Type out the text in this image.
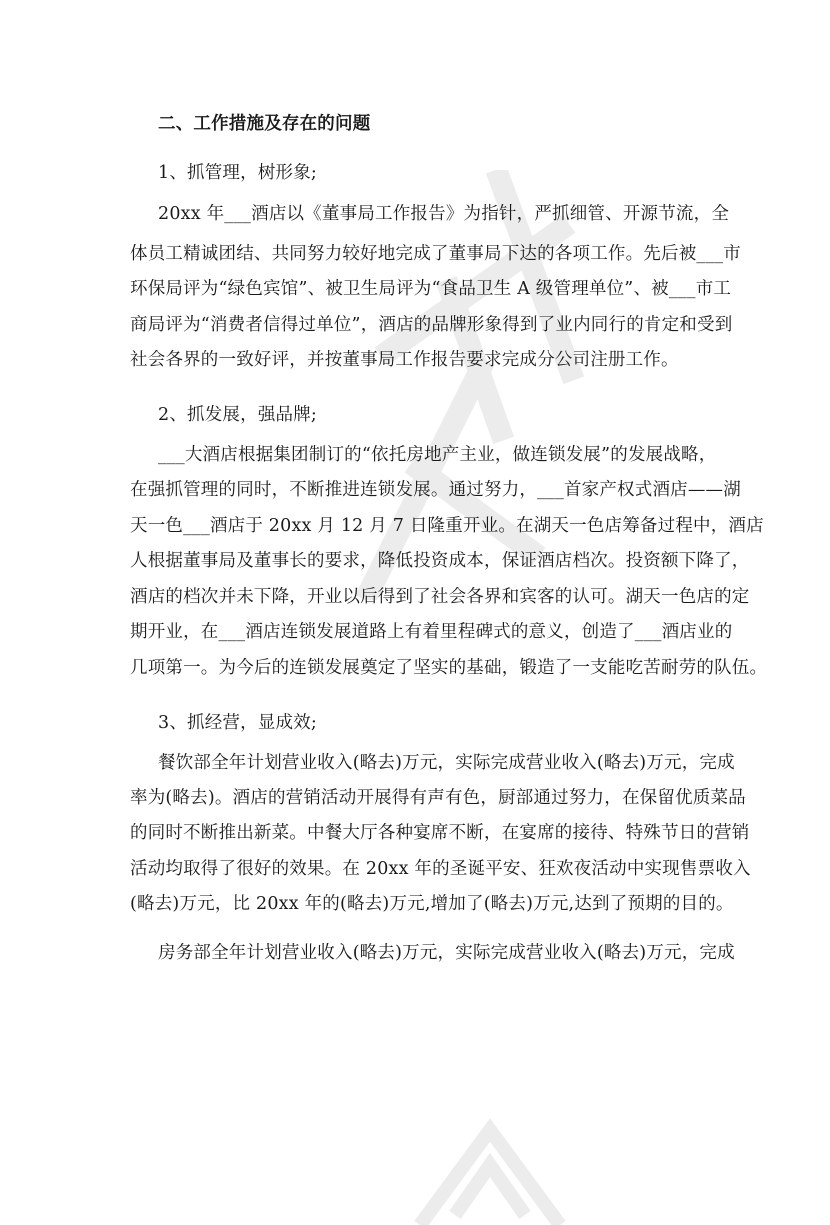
二、工作措施及存在的问题
1、抓管理，树形象;
20xx 年___酒店以《董事局工作报告》为指针，严抓细管、开源节流，全
体员工精诚团结、共同努力较好地完成了董事局下达的各项工作。先后被___市
环保局评为“绿色宾馆”、被卫生局评为“食品卫生 A 级管理单位”、被___市工
商局评为“消费者信得过单位”，酒店的品牌形象得到了业内同行的肯定和受到
社会各界的一致好评，并按董事局工作报告要求完成分公司注册工作。
2、抓发展，强品牌;
___大酒店根据集团制订的“依托房地产主业，做连锁发展”的发展战略，
在强抓管理的同时，不断推进连锁发展。通过努力，___首家产权式酒店——湖
天一色___酒店于 20xx 月 12 月 7 日隆重开业。在湖天一色店筹备过程中，酒店
人根据董事局及董事长的要求，降低投资成本，保证酒店档次。投资额下降了，
酒店的档次并未下降，开业以后得到了社会各界和宾客的认可。湖天一色店的定
期开业，在___酒店连锁发展道路上有着里程碑式的意义，创造了___酒店业的
几项第一。为今后的连锁发展奠定了坚实的基础，锻造了一支能吃苦耐劳的队伍。
3、抓经营，显成效;
餐饮部全年计划营业收入(略去)万元，实际完成营业收入(略去)万元，完成
率为(略去)。酒店的营销活动开展得有声有色，厨部通过努力，在保留优质菜品
的同时不断推出新菜。中餐大厅各种宴席不断，在宴席的接待、特殊节日的营销
活动均取得了很好的效果。在 20xx 年的圣诞平安、狂欢夜活动中实现售票收入
(略去)万元，比 20xx 年的(略去)万元,增加了(略去)万元,达到了预期的目的。
房务部全年计划营业收入(略去)万元，实际完成营业收入(略去)万元，完成
